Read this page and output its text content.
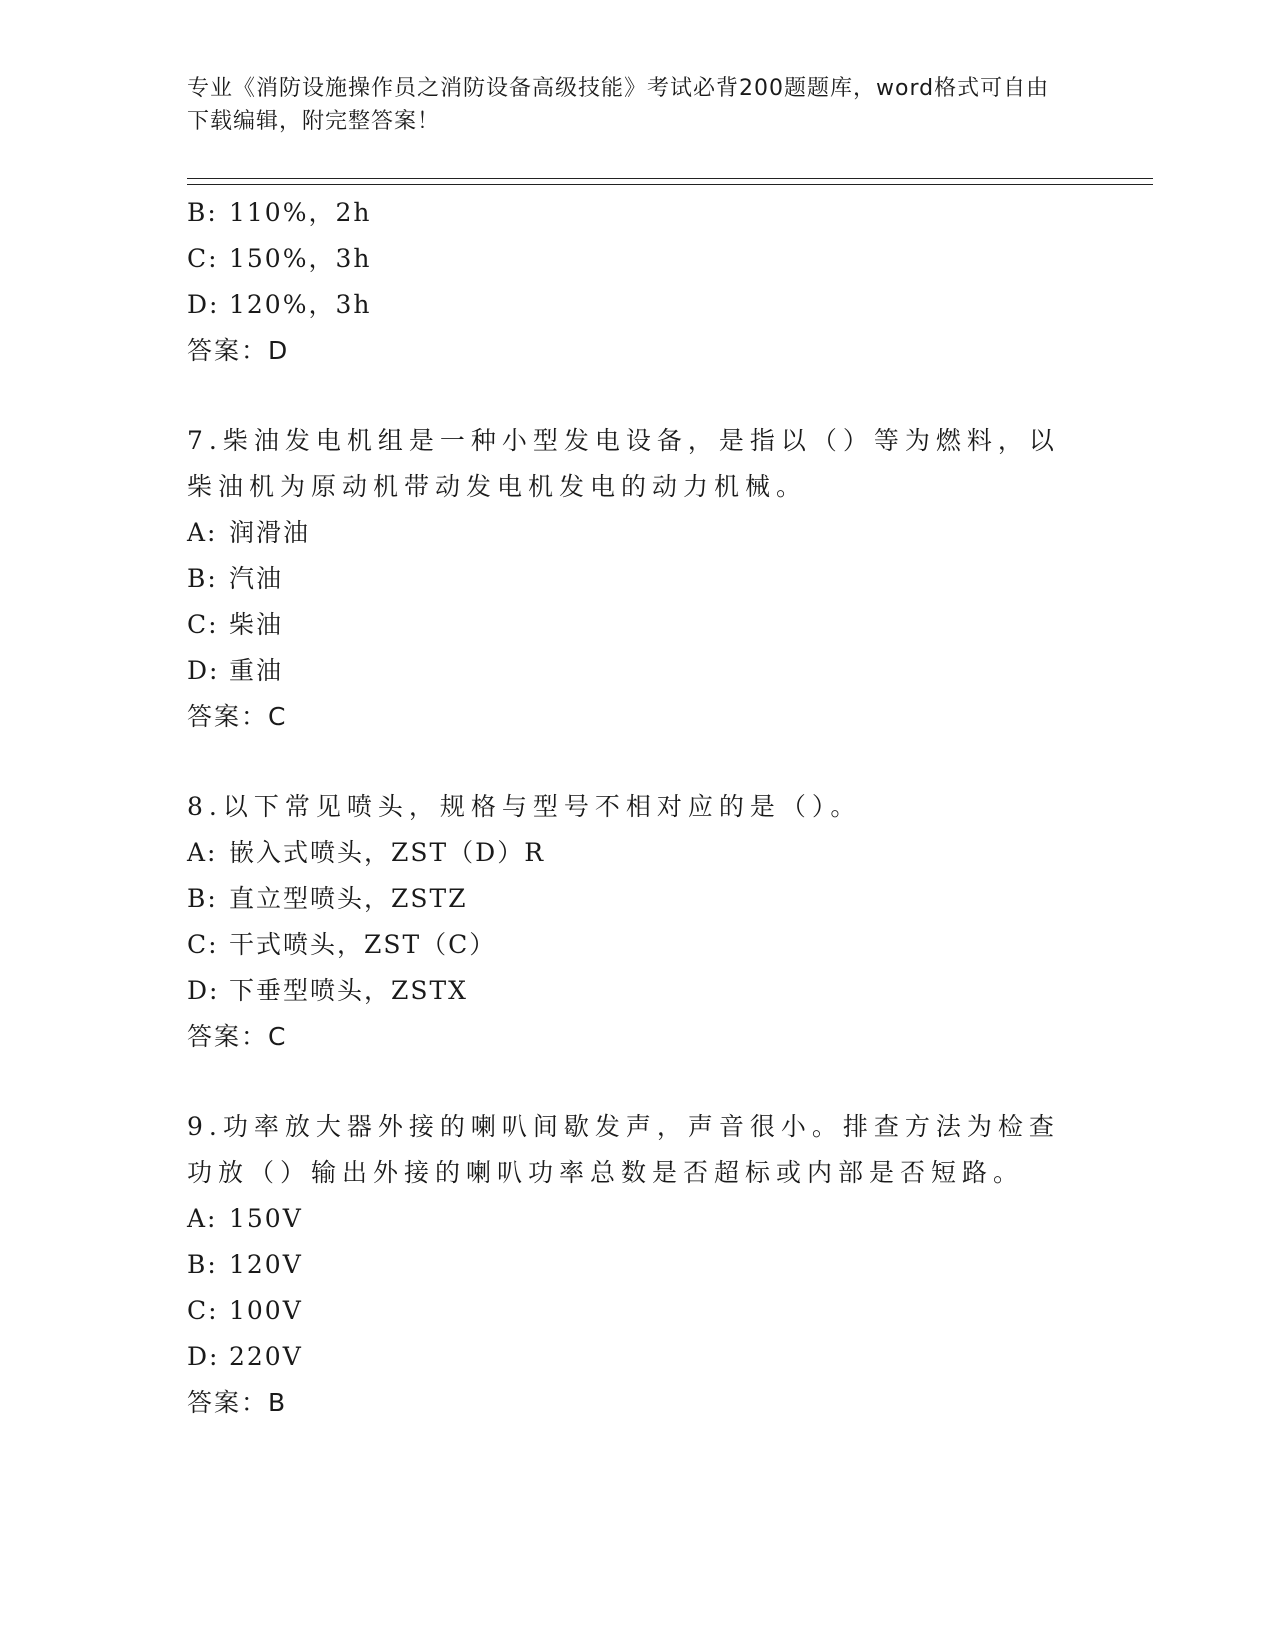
专业《消防设施操作员之消防设备高级技能》考试必背200题题库，word格式可自由下载编辑，附完整答案！
B: 110%，2h
C: 150%，3h
D: 120%，3h
答案：D
7.柴油发电机组是一种小型发电设备，是指以（）等为燃料，以柴油机为原动机带动发电机发电的动力机械。
A: 润滑油
B: 汽油
C: 柴油
D: 重油
答案：C
8.以下常见喷头，规格与型号不相对应的是（）。
A: 嵌入式喷头，ZST（D）R
B: 直立型喷头，ZSTZ
C: 干式喷头，ZST（C）
D: 下垂型喷头，ZSTX
答案：C
9.功率放大器外接的喇叭间歇发声，声音很小。排查方法为检查功放（）输出外接的喇叭功率总数是否超标或内部是否短路。
A: 150V
B: 120V
C: 100V
D: 220V
答案：B
